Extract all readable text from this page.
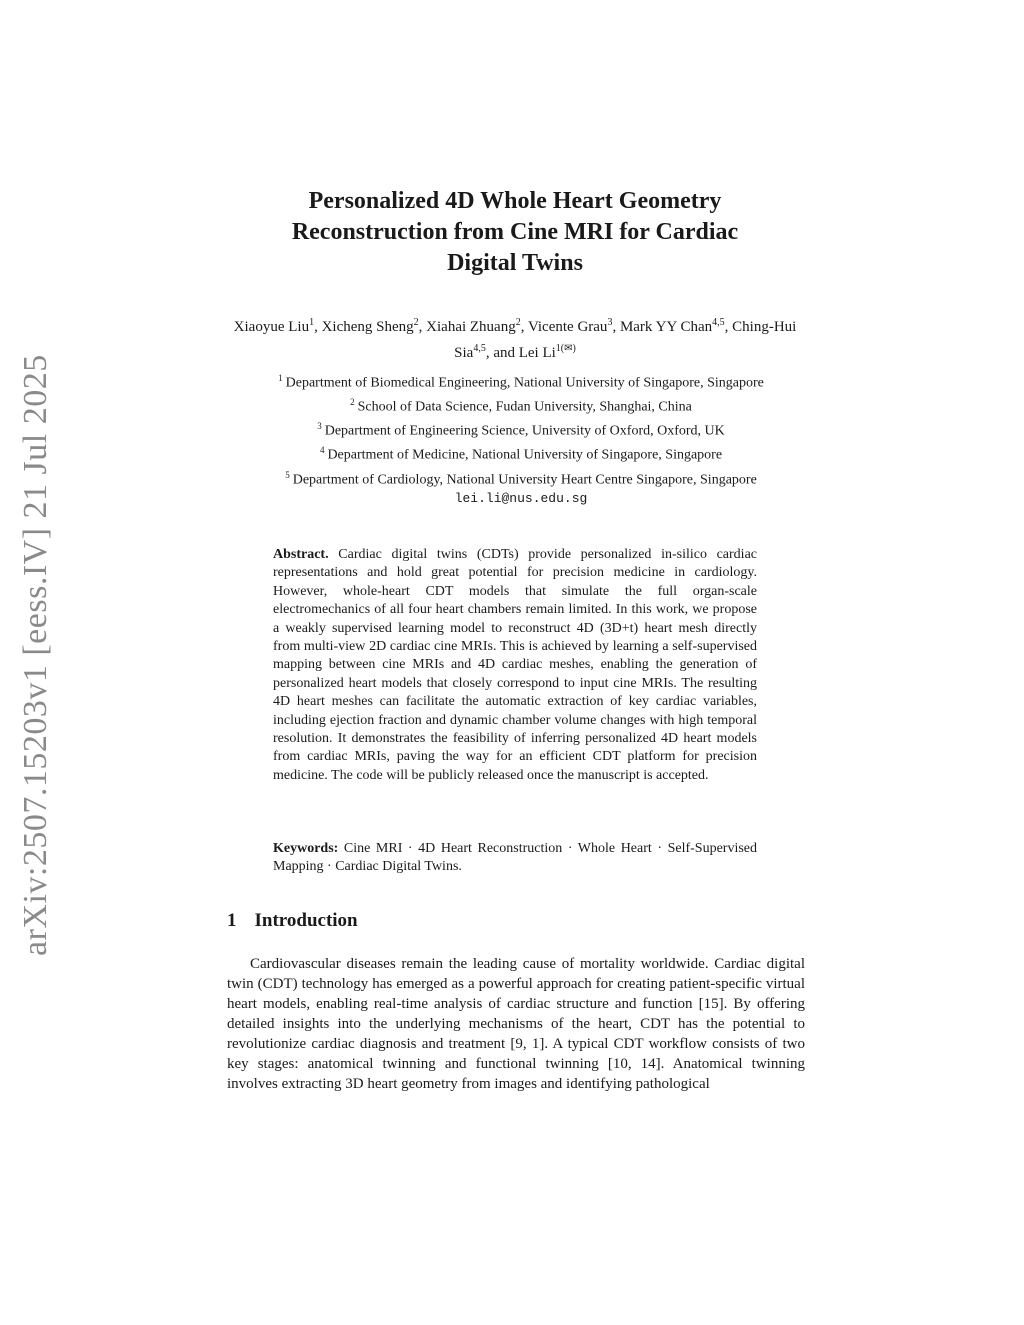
arXiv:2507.15203v1 [eess.IV] 21 Jul 2025
Personalized 4D Whole Heart Geometry
Reconstruction from Cine MRI for Cardiac
Digital Twins
Xiaoyue Liu$^1$, Xicheng Sheng$^2$, Xiahai Zhuang$^2$, Vicente Grau$^3$, Mark YY Chan$^{4,5}$, Ching-Hui Sia$^{4,5}$, and Lei $Li^{1(✉)}$
$^1$ Department of Biomedical Engineering, National University of Singapore, Singapore
$^2$ School of Data Science, Fudan University, Shanghai, China
$^3$ Department of Engineering Science, University of Oxford, Oxford, UK
$^4$ Department of Medicine, National University of Singapore, Singapore
$^5$ Department of Cardiology, National University Heart Centre Singapore, Singapore
lei.li@nus.edu.sg
Abstract. Cardiac digital twins (CDTs) provide personalized in-silico cardiac representations and hold great potential for precision medicine in cardiology. However, whole-heart CDT models that simulate the full organ-scale electromechanics of all four heart chambers remain limited. In this work, we propose a weakly supervised learning model to reconstruct 4D (3D+t) heart mesh directly from multi-view 2D cardiac cine MRIs. This is achieved by learning a self-supervised mapping between cine MRIs and 4D cardiac meshes, enabling the generation of personalized heart models that closely correspond to input cine MRIs. The resulting 4D heart meshes can facilitate the automatic extraction of key cardiac variables, including ejection fraction and dynamic chamber volume changes with high temporal resolution. It demonstrates the feasibility of inferring personalized 4D heart models from cardiac MRIs, paving the way for an efficient CDT platform for precision medicine. The code will be publicly released once the manuscript is accepted.
Keywords: Cine MRI · 4D Heart Reconstruction · Whole Heart · Self-Supervised Mapping · Cardiac Digital Twins.
1 Introduction
Cardiovascular diseases remain the leading cause of mortality worldwide. Cardiac digital twin (CDT) technology has emerged as a powerful approach for creating patient-specific virtual heart models, enabling real-time analysis of cardiac structure and function [15]. By offering detailed insights into the underlying mechanisms of the heart, CDT has the potential to revolutionize cardiac diagnosis and treatment [9, 1]. A typical CDT workflow consists of two key stages: anatomical twinning and functional twinning [10, 14]. Anatomical twinning involves extracting 3D heart geometry from images and identifying pathological
